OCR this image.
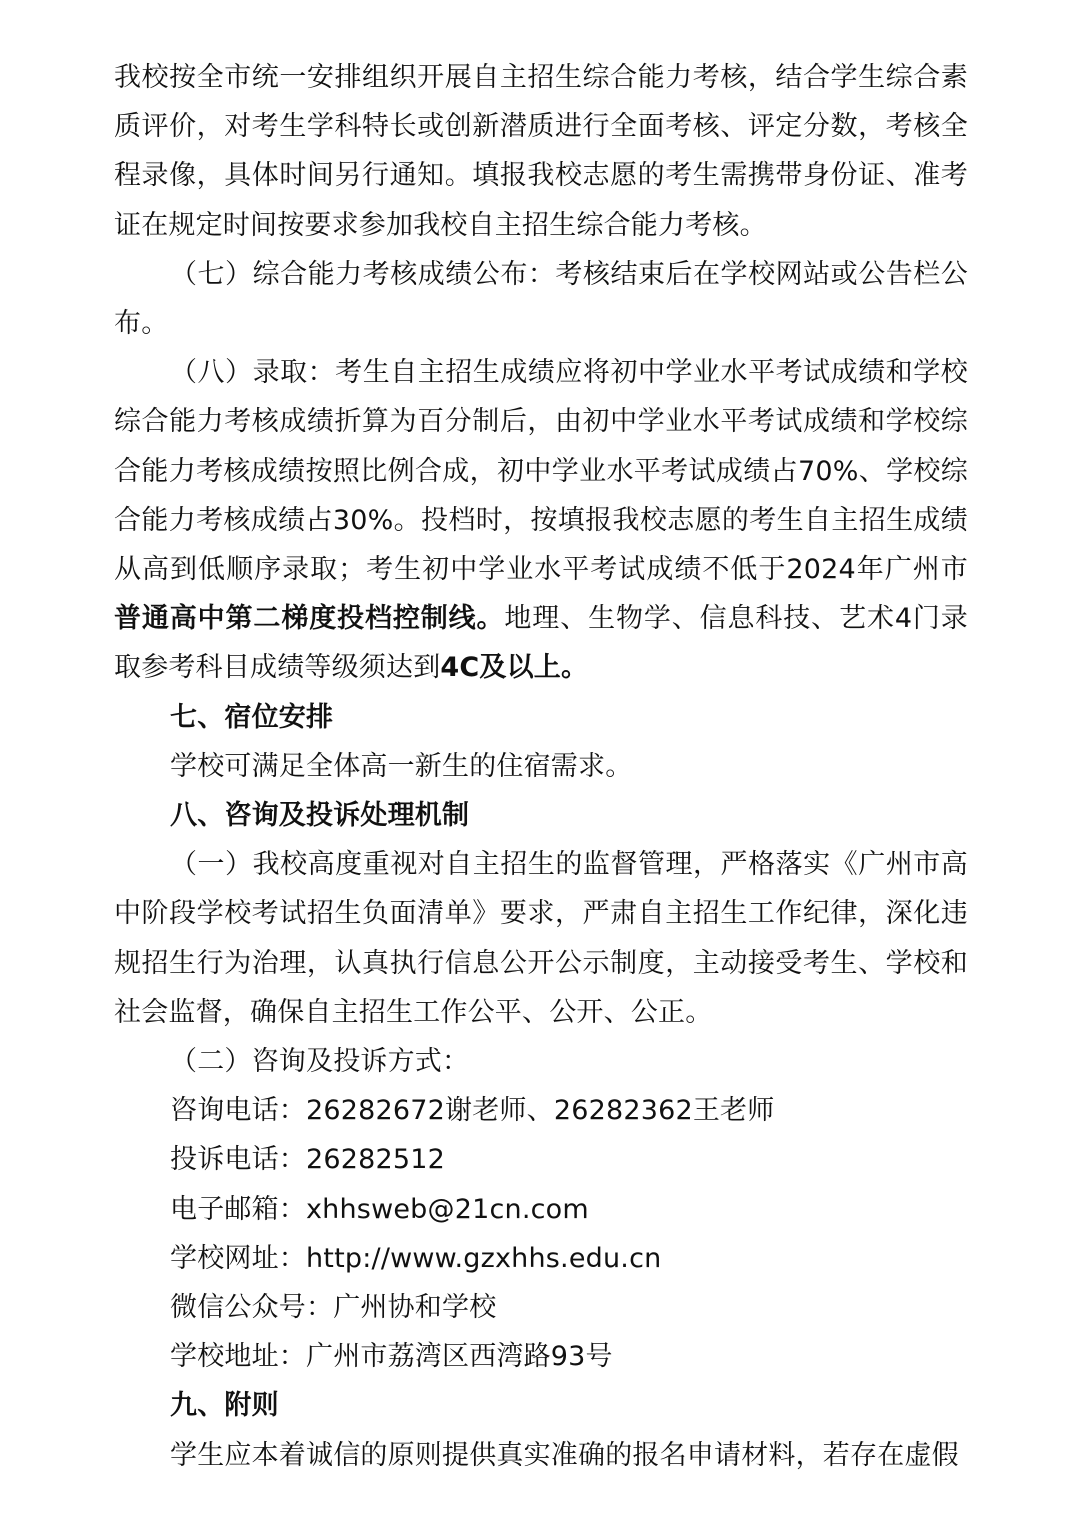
我校按全市统一安排组织开展自主招生综合能力考核，结合学生综合素质评价，对考生学科特长或创新潜质进行全面考核、评定分数，考核全程录像，具体时间另行通知。填报我校志愿的考生需携带身份证、准考证在规定时间按要求参加我校自主招生综合能力考核。

（七）综合能力考核成绩公布：考核结束后在学校网站或公告栏公布。

（八）录取：考生自主招生成绩应将初中学业水平考试成绩和学校综合能力考核成绩折算为百分制后，由初中学业水平考试成绩和学校综合能力考核成绩按照比例合成，初中学业水平考试成绩占70%、学校综合能力考核成绩占30%。投档时，按填报我校志愿的考生自主招生成绩从高到低顺序录取；考生初中学业水平考试成绩不低于2024年广州市普通高中第二梯度投档控制线。地理、生物学、信息科技、艺术4门录取参考科目成绩等级须达到4C及以上。

七、宿位安排

学校可满足全体高一新生的住宿需求。

八、咨询及投诉处理机制

（一）我校高度重视对自主招生的监督管理，严格落实《广州市高中阶段学校考试招生负面清单》要求，严肃自主招生工作纪律，深化违规招生行为治理，认真执行信息公开公示制度，主动接受考生、学校和社会监督，确保自主招生工作公平、公开、公正。

（二）咨询及投诉方式：

咨询电话：26282672谢老师、26282362王老师

投诉电话：26282512

电子邮箱：xhhsweb@21cn.com

学校网址：http://www.gzxhhs.edu.cn

微信公众号：广州协和学校

学校地址：广州市荔湾区西湾路93号

九、附则

学生应本着诚信的原则提供真实准确的报名申请材料，若存在虚假
